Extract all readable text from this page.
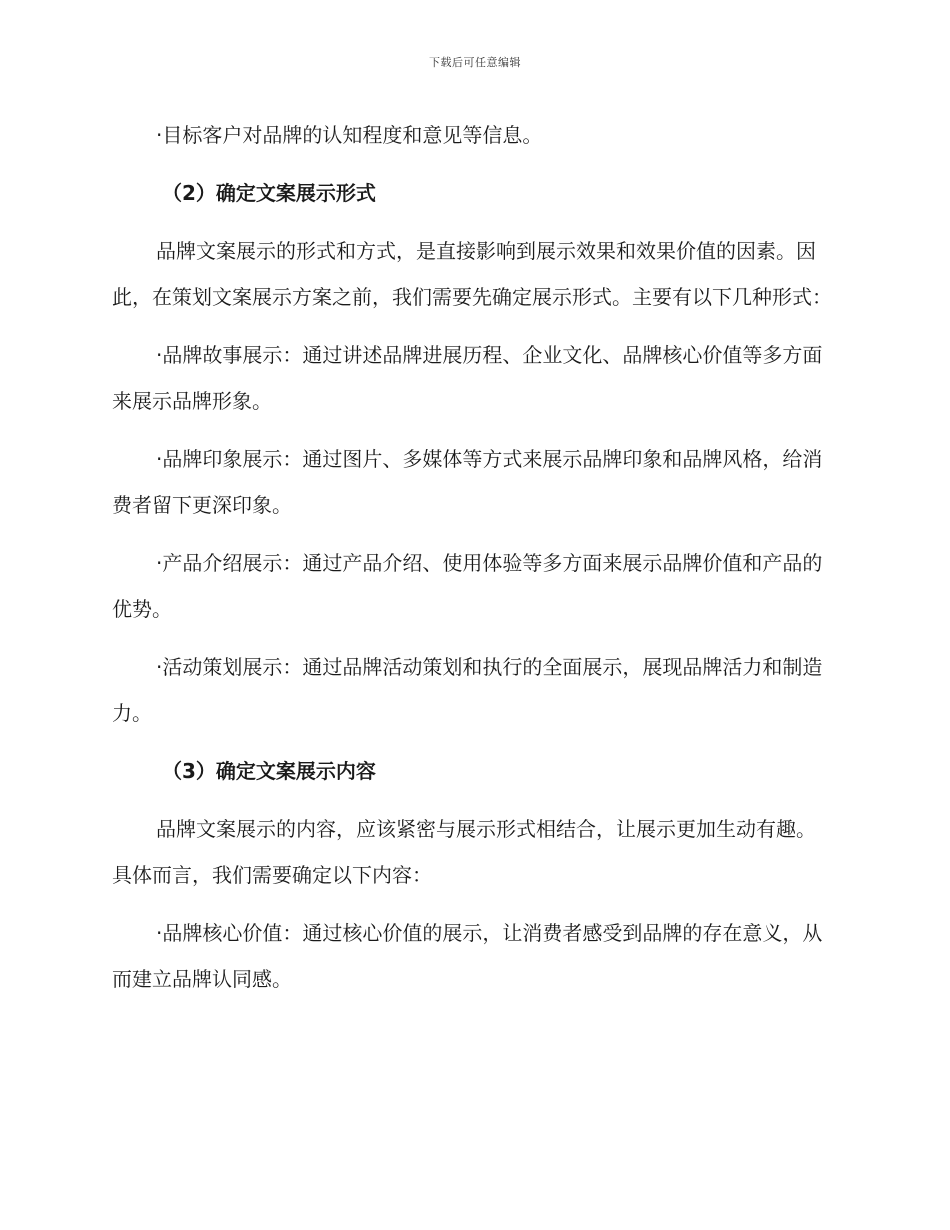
下载后可任意编辑

·目标客户对品牌的认知程度和意见等信息。

（2）确定文案展示形式

品牌文案展示的形式和方式，是直接影响到展示效果和效果价值的因素。因此，在策划文案展示方案之前，我们需要先确定展示形式。主要有以下几种形式：

·品牌故事展示：通过讲述品牌进展历程、企业文化、品牌核心价值等多方面来展示品牌形象。

·品牌印象展示：通过图片、多媒体等方式来展示品牌印象和品牌风格，给消费者留下更深印象。

·产品介绍展示：通过产品介绍、使用体验等多方面来展示品牌价值和产品的优势。

·活动策划展示：通过品牌活动策划和执行的全面展示，展现品牌活力和制造力。

（3）确定文案展示内容

品牌文案展示的内容，应该紧密与展示形式相结合，让展示更加生动有趣。具体而言，我们需要确定以下内容：

·品牌核心价值：通过核心价值的展示，让消费者感受到品牌的存在意义，从而建立品牌认同感。
